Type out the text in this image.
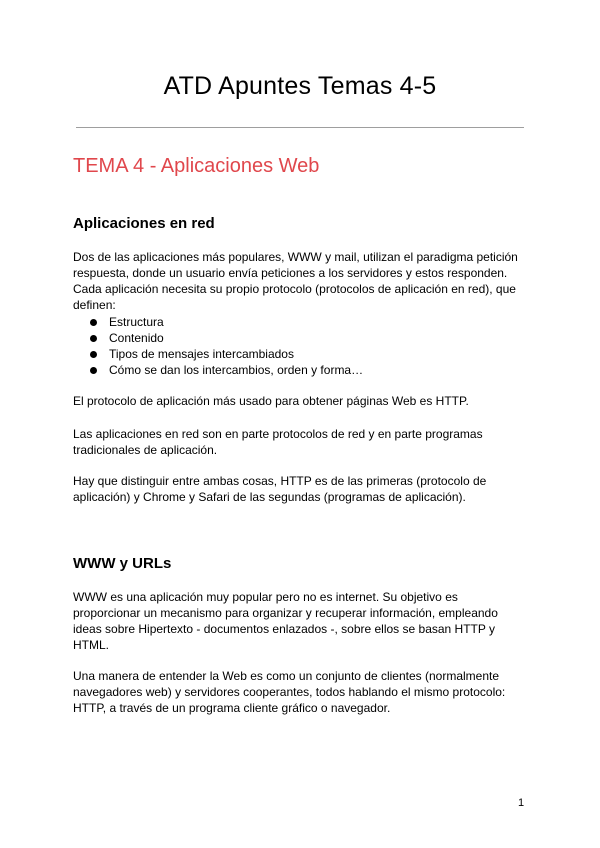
ATD Apuntes Temas 4-5
TEMA 4 - Aplicaciones Web
Aplicaciones en red

Dos de las aplicaciones más populares, WWW y mail, utilizan el paradigma petición respuesta, donde un usuario envía peticiones a los servidores y estos responden. Cada aplicación necesita su propio protocolo (protocolos de aplicación en red), que definen:

Estructura
Contenido
Tipos de mensajes intercambiados
Cómo se dan los intercambios, orden y forma…

El protocolo de aplicación más usado para obtener páginas Web es HTTP.

Las aplicaciones en red son en parte protocolos de red y en parte programas tradicionales de aplicación.

Hay que distinguir entre ambas cosas, HTTP es de las primeras (protocolo de aplicación) y Chrome y Safari de las segundas (programas de aplicación).

WWW y URLs

WWW es una aplicación muy popular pero no es internet. Su objetivo es proporcionar un mecanismo para organizar y recuperar información, empleando ideas sobre Hipertexto - documentos enlazados -, sobre ellos se basan HTTP y HTML.

Una manera de entender la Web es como un conjunto de clientes (normalmente navegadores web) y servidores cooperantes, todos hablando el mismo protocolo: HTTP, a través de un programa cliente gráfico o navegador.

1
